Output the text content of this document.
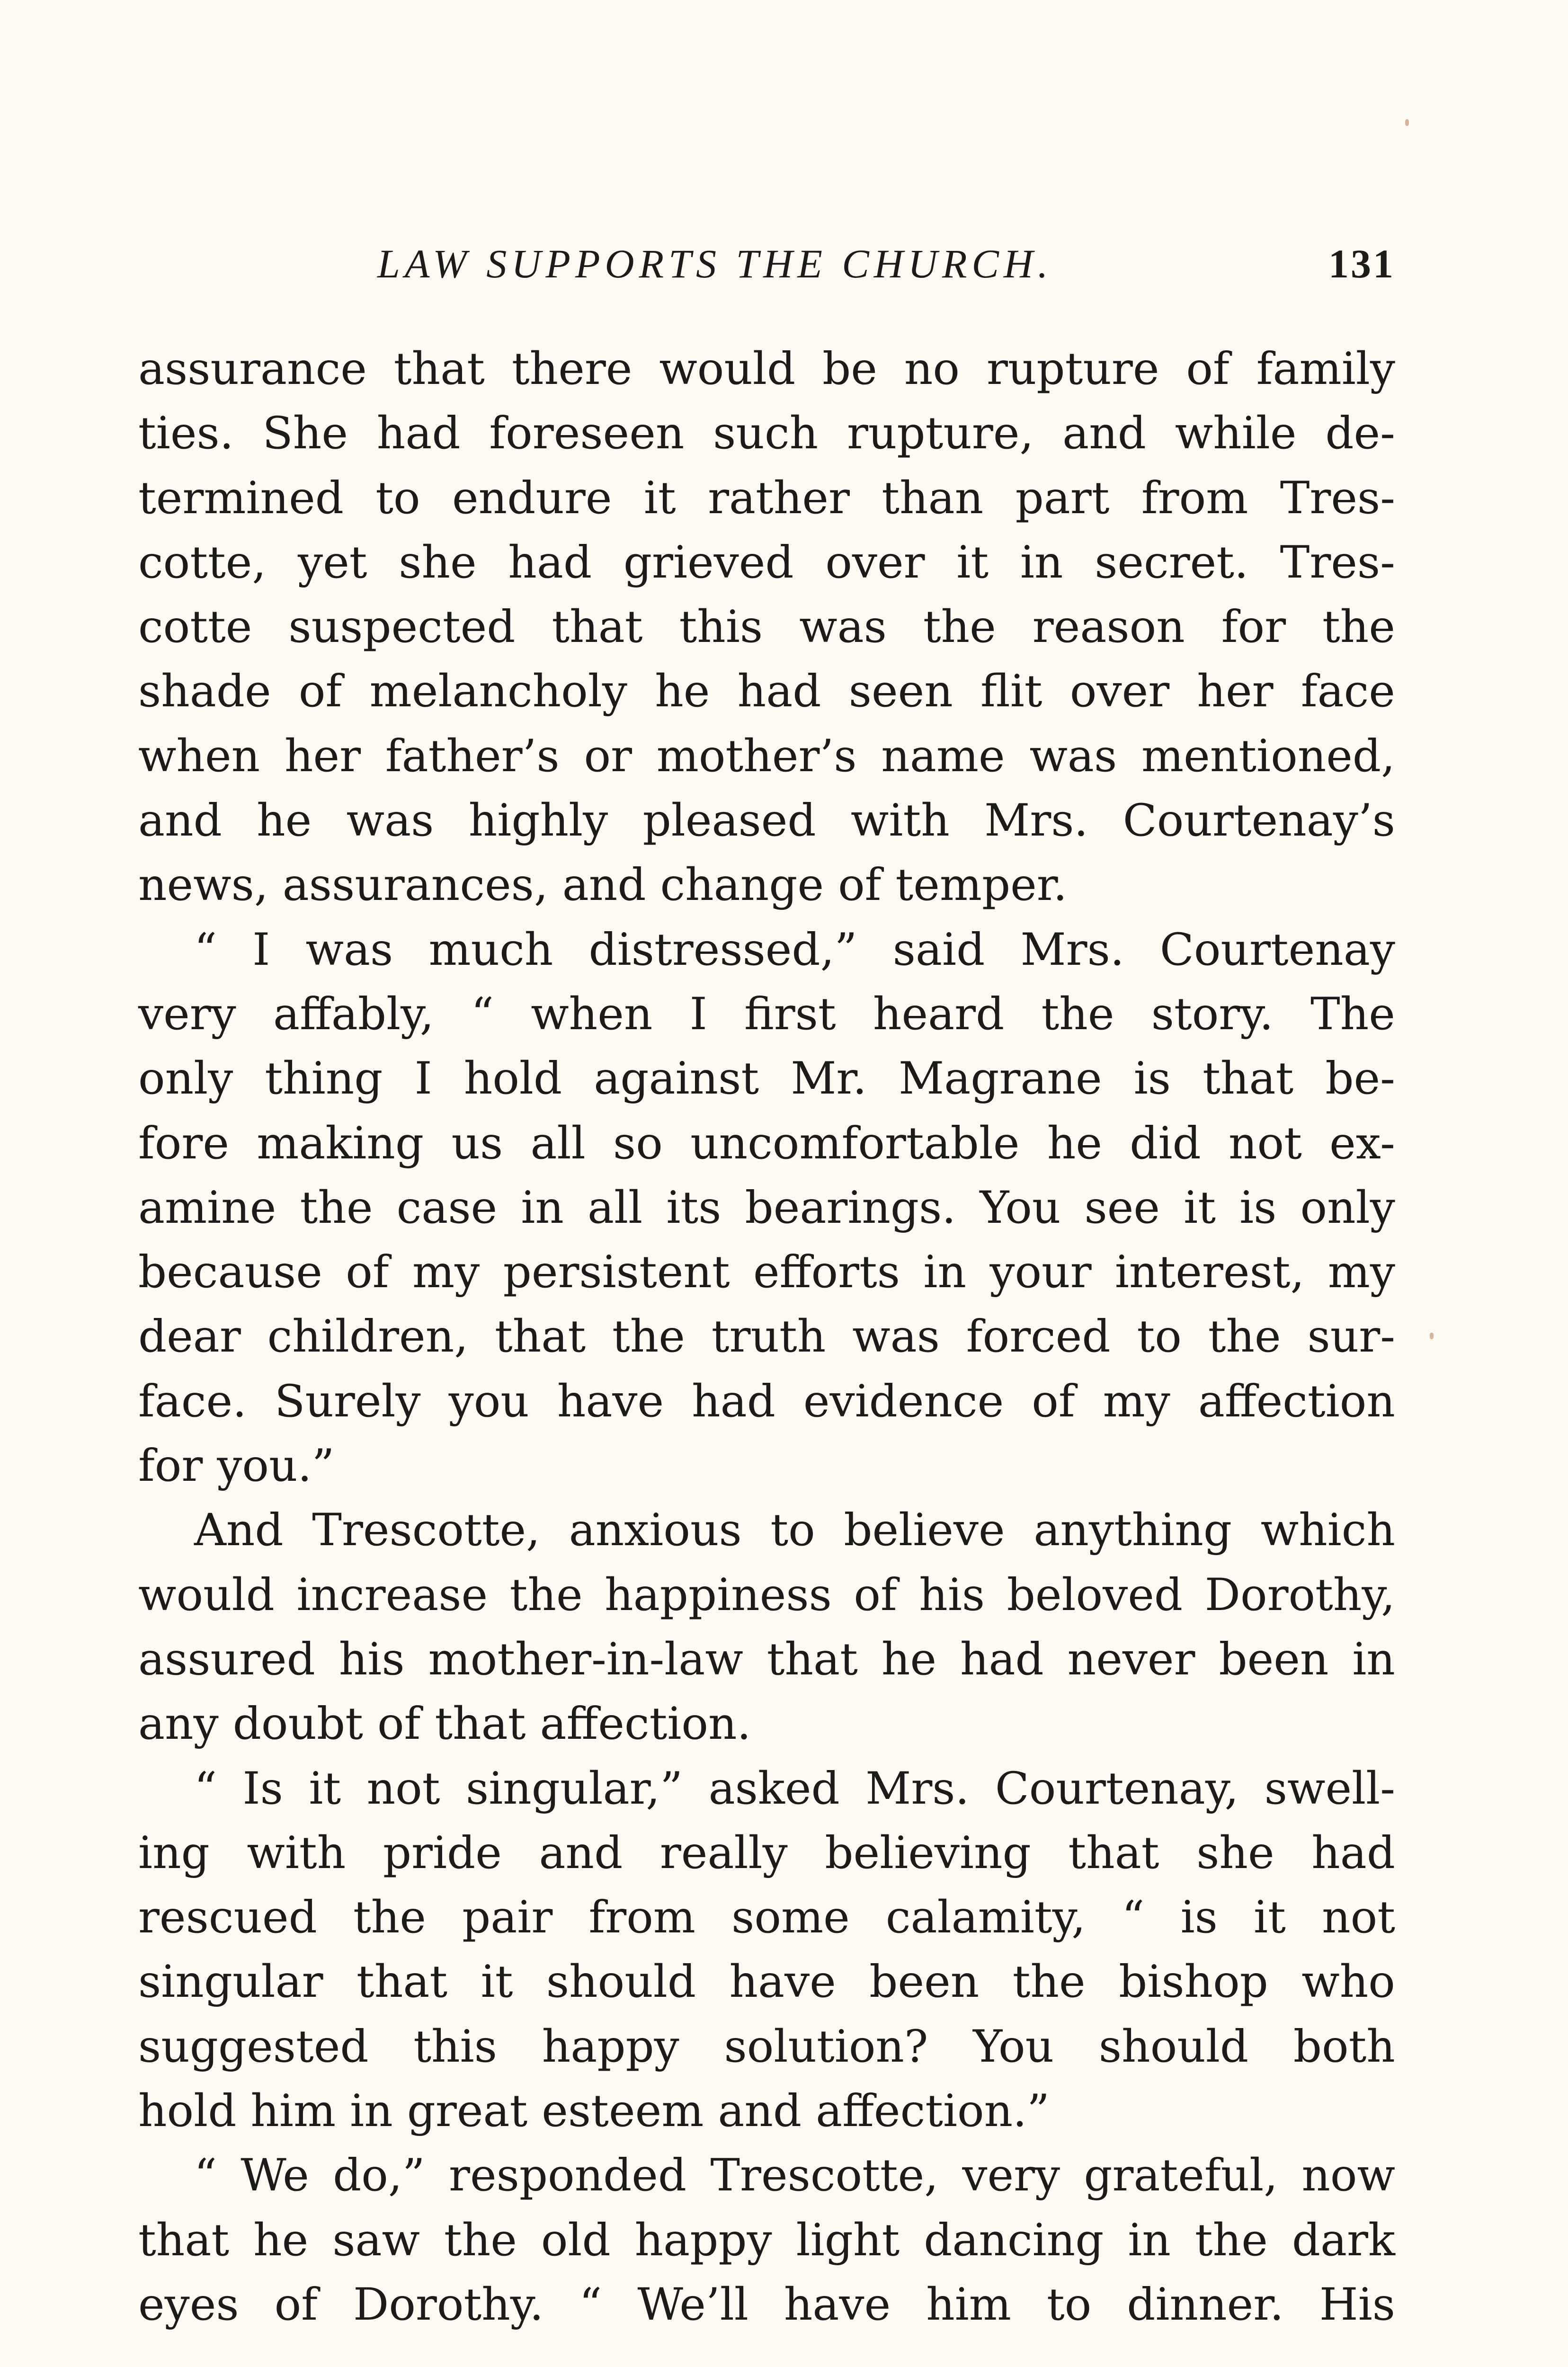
LAW SUPPORTS THE CHURCH.	131
assurance that there would be no rupture of family
ties. She had foreseen such rupture, and while de-
termined to endure it rather than part from Tres-
cotte, yet she had grieved over it in secret. Tres-
cotte suspected that this was the reason for the
shade of melancholy he had seen flit over her face
when her father’s or mother’s name was mentioned,
and he was highly pleased with Mrs. Courtenay’s
news, assurances, and change of temper.
“ I was much distressed,” said Mrs. Courtenay
very affably, “ when I first heard the story. The
only thing I hold against Mr. Magrane is that be-
fore making us all so uncomfortable he did not ex-
amine the case in all its bearings. You see it is only
because of my persistent efforts in your interest, my
dear children, that the truth was forced to the sur-
face. Surely you have had evidence of my affection
for you.”
And Trescotte, anxious to believe anything which
would increase the happiness of his beloved Dorothy,
assured his mother-in-law that he had never been in
any doubt of that affection.
“ Is it not singular,” asked Mrs. Courtenay, swell-
ing with pride and really believing that she had
rescued the pair from some calamity, “ is it not
singular that it should have been the bishop who
suggested this happy solution? You should both
hold him in great esteem and affection.”
“ We do,” responded Trescotte, very grateful, now
that he saw the old happy light dancing in the dark
eyes of Dorothy. “ We’ll have him to dinner. His
